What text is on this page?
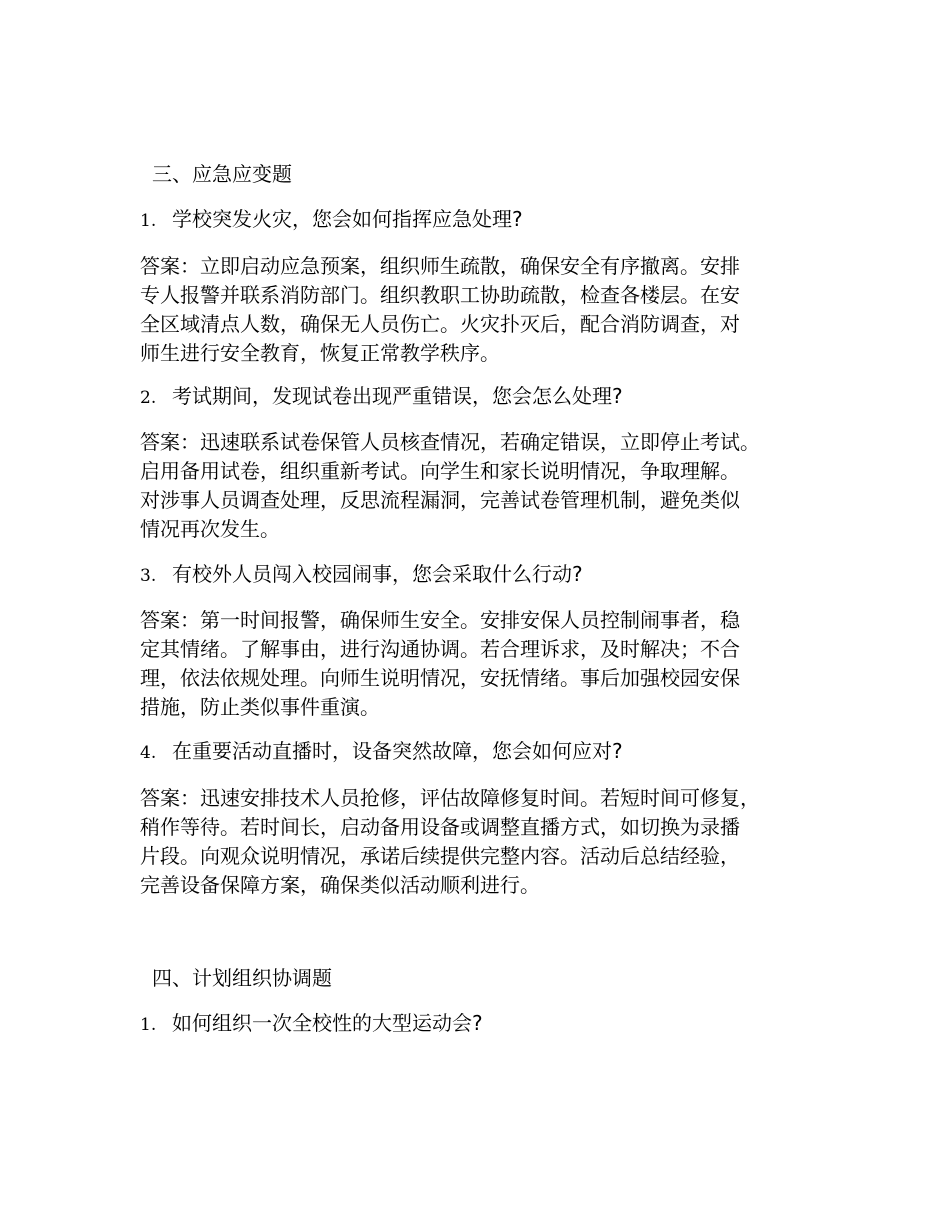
三、应急应变题
1. 学校突发火灾，您会如何指挥应急处理?
答案：立即启动应急预案，组织师生疏散，确保安全有序撤离。安排
专人报警并联系消防部门。组织教职工协助疏散，检查各楼层。在安
全区域清点人数，确保无人员伤亡。火灾扑灭后，配合消防调查，对
师生进行安全教育，恢复正常教学秩序。
2. 考试期间，发现试卷出现严重错误，您会怎么处理?
答案：迅速联系试卷保管人员核查情况，若确定错误，立即停止考试。
启用备用试卷，组织重新考试。向学生和家长说明情况，争取理解。
对涉事人员调查处理，反思流程漏洞，完善试卷管理机制，避免类似
情况再次发生。
3. 有校外人员闯入校园闹事，您会采取什么行动?
答案：第一时间报警，确保师生安全。安排安保人员控制闹事者，稳
定其情绪。了解事由，进行沟通协调。若合理诉求，及时解决；不合
理，依法依规处理。向师生说明情况，安抚情绪。事后加强校园安保
措施，防止类似事件重演。
4. 在重要活动直播时，设备突然故障，您会如何应对?
答案：迅速安排技术人员抢修，评估故障修复时间。若短时间可修复，
稍作等待。若时间长，启动备用设备或调整直播方式，如切换为录播
片段。向观众说明情况，承诺后续提供完整内容。活动后总结经验，
完善设备保障方案，确保类似活动顺利进行。
四、计划组织协调题
1. 如何组织一次全校性的大型运动会?
